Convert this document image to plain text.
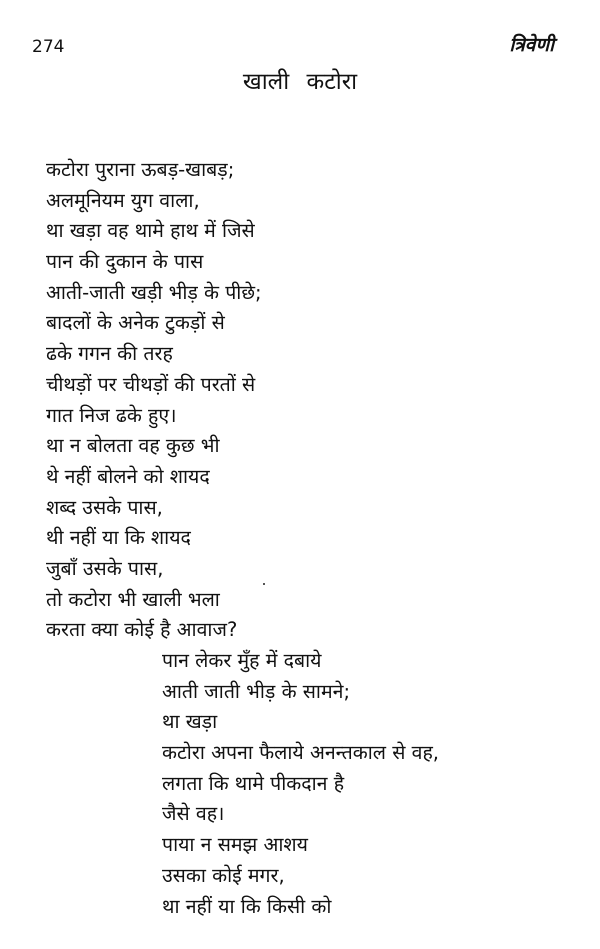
274	त्रिवेणी
खाली कटोरा
कटोरा पुराना ऊबड़-खाबड़;
अलमूनियम युग वाला,
था खड़ा वह थामे हाथ में जिसे
पान की दुकान के पास
आती-जाती खड़ी भीड़ के पीछे;
बादलों के अनेक टुकड़ों से
ढके गगन की तरह
चीथड़ों पर चीथड़ों की परतों से
गात निज ढके हुए।
था न बोलता वह कुछ भी
थे नहीं बोलने को शायद
शब्द उसके पास,
थी नहीं या कि शायद
जुबाँ उसके पास,
तो कटोरा भी खाली भला
करता क्या कोई है आवाज?
पान लेकर मुँह में दबाये
आती जाती भीड़ के सामने;
था खड़ा
कटोरा अपना फैलाये अनन्तकाल से वह,
लगता कि थामे पीकदान है
जैसे वह।
पाया न समझ आशय
उसका कोई मगर,
था नहीं या कि किसी को
